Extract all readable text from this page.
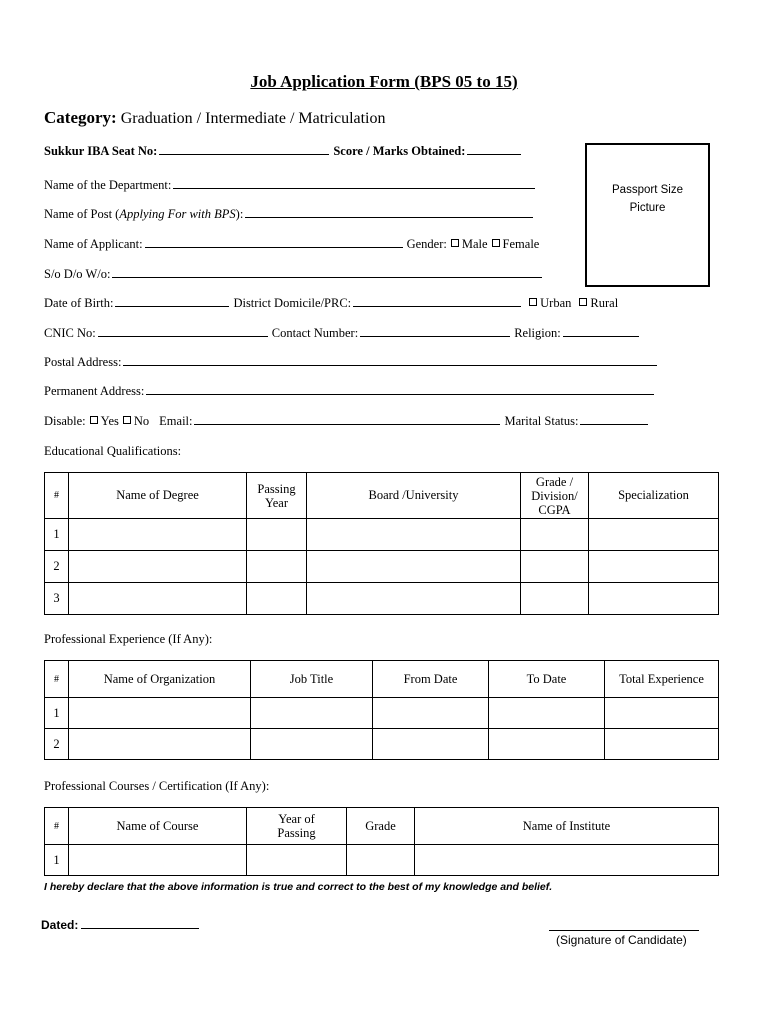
Job Application Form (BPS 05 to 15)
Category: Graduation / Intermediate / Matriculation
Sukkur IBA Seat No:	Score / Marks Obtained:
Name of the Department:
Name of Post (Applying For with BPS):
Name of Applicant:	Gender: Male Female
S/o D/o W/o:
Date of Birth:	District Domicile/PRC:	Urban Rural
CNIC No:	Contact Number:	Religion:
Postal Address:
Permanent Address:
Disable: Yes No Email:	Marital Status:
Passport Size
Picture
Educational Qualifications:
#	Name of Degree	Passing Year	Board /University	Grade / Division/ CGPA	Specialization
1					
2					
3					
Professional Experience (If Any):
#	Name of Organization	Job Title	From Date	To Date	Total Experience
1					
2					
Professional Courses / Certification (If Any):
#	Name of Course	Year of Passing	Grade	Name of Institute
1				
I hereby declare that the above information is true and correct to the best of my knowledge and belief.
Dated:
(Signature of Candidate)
